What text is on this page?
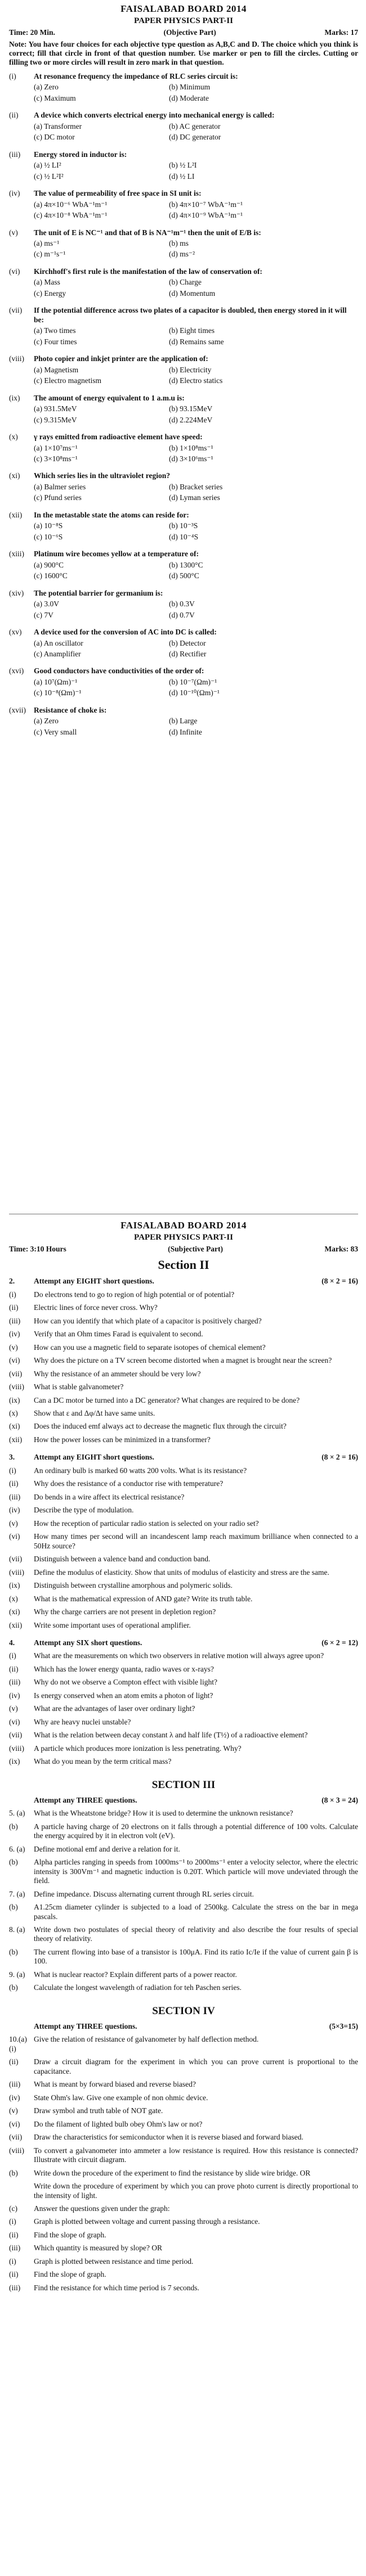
FAISALABAD BOARD 2014
PAPER PHYSICS PART-II
Time: 20 Min.	(Objective Part)	Marks: 17
Note: You have four choices for each objective type question as A,B,C and D. The choice which you think is correct; fill that circle in front of that question number. Use marker or pen to fill the circles. Cutting or filling two or more circles will result in zero mark in that question.
(i)	At resonance frequency the impedance of RLC series circuit is:
(a) Zero	(b) Minimum
(c) Maximum	(d) Moderate
(ii)	A device which converts electrical energy into mechanical energy is called:
(a) Transformer	(b) AC generator
(c) DC motor	(d) DC generator
(iii)	Energy stored in inductor is:
(a) ½ LI²	(b) ½ L²I
(c) ½ L²I²	(d) ½ LI
(iv)	The value of permeability of free space in SI unit is:
(a) 4π×10⁻⁶ WbA⁻¹m⁻¹	(b) 4π×10⁻⁷ WbA⁻¹m⁻¹
(c) 4π×10⁻⁸ WbA⁻¹m⁻¹	(d) 4π×10⁻⁹ WbA⁻¹m⁻¹
(v)	The unit of E is NC⁻¹ and that of B is NA⁻¹m⁻¹ then the unit of E/B is:
(a) ms⁻¹	(b) ms
(c) m⁻¹s⁻¹	(d) ms⁻²
(vi)	Kirchhoff's first rule is the manifestation of the law of conservation of:
(a) Mass	(b) Charge
(c) Energy	(d) Momentum
(vii)	If the potential difference across two plates of a capacitor is doubled, then energy stored in it will be:
(a) Two times	(b) Eight times
(c) Four times	(d) Remains same
(viii)	Photo copier and inkjet printer are the application of:
(a) Magnetism	(b) Electricity
(c) Electro magnetism	(d) Electro statics
(ix)	The amount of energy equivalent to 1 a.m.u is:
(a) 931.5MeV	(b) 93.15MeV
(c) 9.315MeV	(d) 2.224MeV
(x)	γ rays emitted from radioactive element have speed:
(a) 1×10⁷ms⁻¹	(b) 1×10⁸ms⁻¹
(c) 3×10⁸ms⁻¹	(d) 3×10⁶ms⁻¹
(xi)	Which series lies in the ultraviolet region?
(a) Balmer series	(b) Bracket series
(c) Pfund series	(d) Lyman series
(xii)	In the metastable state the atoms can reside for:
(a) 10⁻⁸S	(b) 10⁻³S
(c) 10⁻⁶S	(d) 10⁻⁴S
(xiii)	Platinum wire becomes yellow at a temperature of:
(a) 900°C	(b) 1300°C
(c) 1600°C	(d) 500°C
(xiv)	The potential barrier for germanium is:
(a) 3.0V	(b) 0.3V
(c) 7V	(d) 0.7V
(xv)	A device used for the conversion of AC into DC is called:
(a) An oscillator	(b) Detector
(c) Anamplifier	(d) Rectifier
(xvi)	Good conductors have conductivities of the order of:
(a) 10⁷(Ωm)⁻¹	(b) 10⁻⁷(Ωm)⁻¹
(c) 10⁻⁸(Ωm)⁻¹	(d) 10⁻¹⁰(Ωm)⁻¹
(xvii)	Resistance of choke is:
(a) Zero	(b) Large
(c) Very small	(d) Infinite
FAISALABAD BOARD 2014
PAPER PHYSICS PART-II
Time: 3:10 Hours	(Subjective Part)	Marks: 83
Section II
2.	Attempt any EIGHT short questions.	(8 × 2 = 16)
(i)	Do electrons tend to go to region of high potential or of potential?
(ii)	Electric lines of force never cross. Why?
(iii)	How can you identify that which plate of a capacitor is positively charged?
(iv)	Verify that an Ohm times Farad is equivalent to second.
(v)	How can you use a magnetic field to separate isotopes of chemical element?
(vi)	Why does the picture on a TV screen become distorted when a magnet is brought near the screen?
(vii)	Why the resistance of an ammeter should be very low?
(viii)	What is stable galvanometer?
(ix)	Can a DC motor be turned into a DC generator? What changes are required to be done?
(x)	Show that ε and Δφ/Δt have same units.
(xi)	Does the induced emf always act to decrease the magnetic flux through the circuit?
(xii)	How the power losses can be minimized in a transformer?
3.	Attempt any EIGHT short questions.	(8 × 2 = 16)
(i)	An ordinary bulb is marked 60 watts 200 volts. What is its resistance?
(ii)	Why does the resistance of a conductor rise with temperature?
(iii)	Do bends in a wire affect its electrical resistance?
(iv)	Describe the type of modulation.
(v)	How the reception of particular radio station is selected on your radio set?
(vi)	How many times per second will an incandescent lamp reach maximum brilliance when connected to a 50Hz source?
(vii)	Distinguish between a valence band and conduction band.
(viii)	Define the modulus of elasticity. Show that units of modulus of elasticity and stress are the same.
(ix)	Distinguish between crystalline amorphous and polymeric solids.
(x)	What is the mathematical expression of AND gate? Write its truth table.
(xi)	Why the charge carriers are not present in depletion region?
(xii)	Write some important uses of operational amplifier.
4.	Attempt any SIX short questions.	(6 × 2 = 12)
(i)	What are the measurements on which two observers in relative motion will always agree upon?
(ii)	Which has the lower energy quanta, radio waves or x-rays?
(iii)	Why do not we observe a Compton effect with visible light?
(iv)	Is energy conserved when an atom emits a photon of light?
(v)	What are the advantages of laser over ordinary light?
(vi)	Why are heavy nuclei unstable?
(vii)	What is the relation between decay constant λ and half life (T½) of a radioactive element?
(viii)	A particle which produces more ionization is less penetrating. Why?
(ix)	What do you mean by the term critical mass?
SECTION III
Attempt any THREE questions.	(8 × 3 = 24)
5. (a)	What is the Wheatstone bridge? How it is used to determine the unknown resistance?
(b)	A particle having charge of 20 electrons on it falls through a potential difference of 100 volts. Calculate the energy acquired by it in electron volt (eV).
6. (a)	Define motional emf and derive a relation for it.
(b)	Alpha particles ranging in speeds from 1000ms⁻¹ to 2000ms⁻¹ enter a velocity selector, where the electric intensity is 300Vm⁻¹ and magnetic induction is 0.20T. Which particle will move undeviated through the field.
7. (a)	Define impedance. Discuss alternating current through RL series circuit.
(b)	A1.25cm diameter cylinder is subjected to a load of 2500kg. Calculate the stress on the bar in mega pascals.
8. (a)	Write down two postulates of special theory of relativity and also describe the four results of special theory of relativity.
(b)	The current flowing into base of a transistor is 100μA. Find its ratio Ic/Ie if the value of current gain β is 100.
9. (a)	What is nuclear reactor? Explain different parts of a power reactor.
(b)	Calculate the longest wavelength of radiation for teh Paschen series.
SECTION IV
Attempt any THREE questions.	(5×3=15)
10.(a)(i)
Give the relation of resistance of galvanometer by half deflection method.
(ii)	Draw a circuit diagram for the experiment in which you can prove current is proportional to the capacitance.
(iii)	What is meant by forward biased and reverse biased?
(iv)	State Ohm's law. Give one example of non ohmic device.
(v)	Draw symbol and truth table of NOT gate.
(vi)	Do the filament of lighted bulb obey Ohm's law or not?
(vii)	Draw the characteristics for semiconductor when it is reverse biased and forward biased.
(viii)	To convert a galvanometer into ammeter a low resistance is required. How this resistance is connected? Illustrate with circuit diagram.
(b)	Write down the procedure of the experiment to find the resistance by slide wire bridge. OR
Write down the procedure of experiment by which you can prove photo current is directly proportional to the intensity of light.
(c)	Answer the questions given under the graph:
(i)	Graph is plotted between voltage and current passing through a resistance.
(ii)	Find the slope of graph.
(iii)	Which quantity is measured by slope? OR
(i)	Graph is plotted between resistance and time period.
(ii)	Find the slope of graph.
(iii)	Find the resistance for which time period is 7 seconds.
